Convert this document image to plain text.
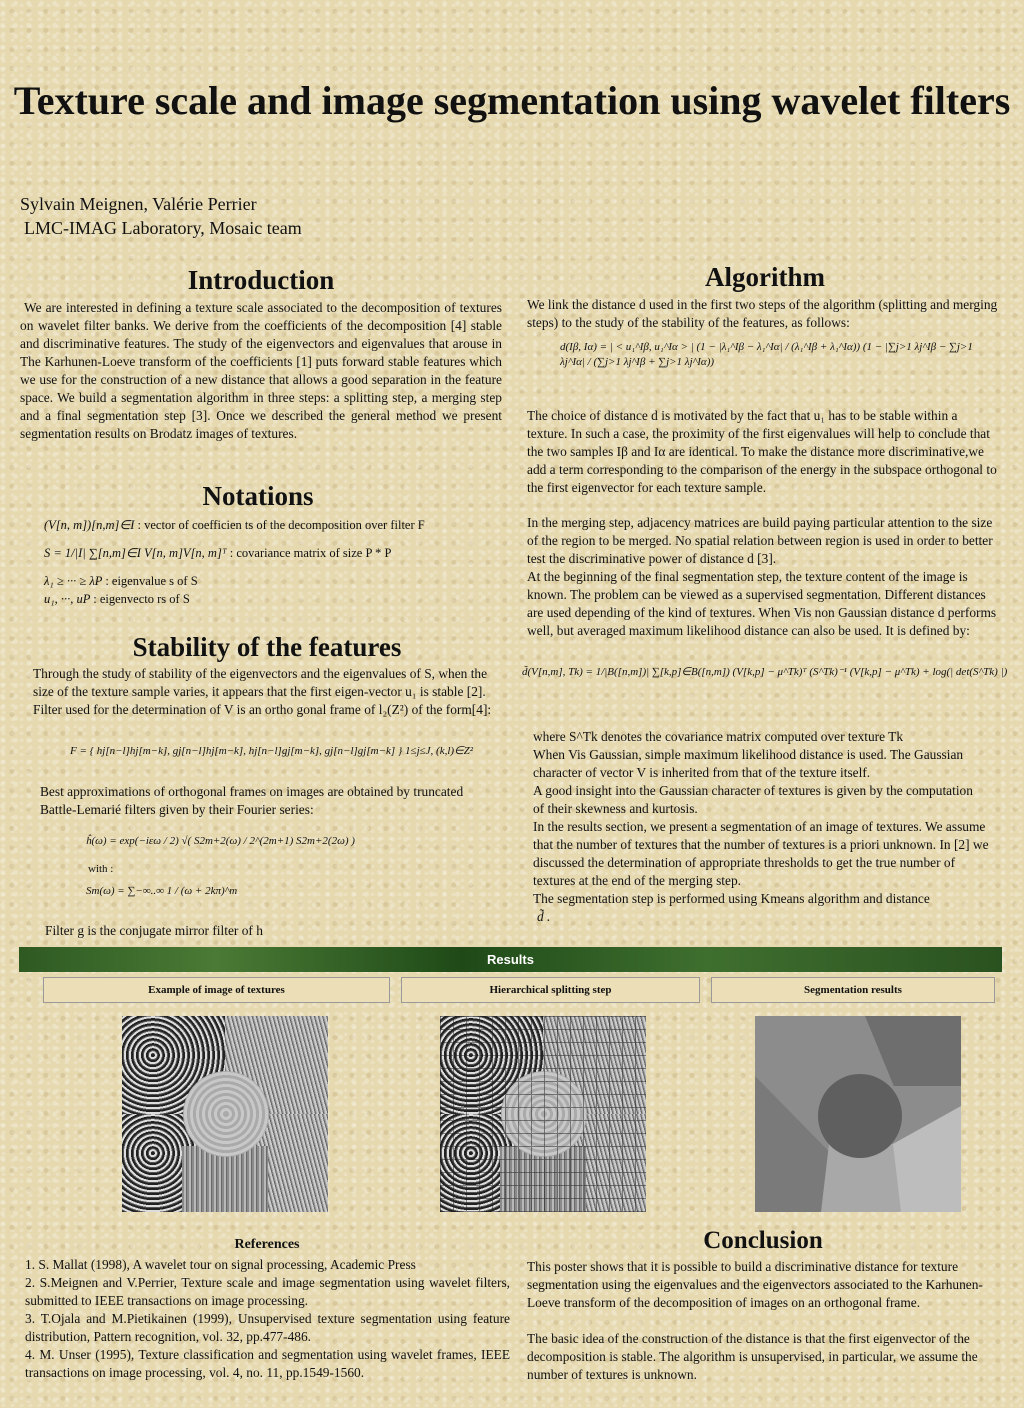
Texture scale and image segmentation using wavelet filters
Sylvain Meignen, Valérie Perrier
LMC-IMAG Laboratory, Mosaic team
Introduction
We are interested in defining a texture scale associated to the decomposition of textures on wavelet filter banks. We derive from the coefficients of the decomposition [4] stable and discriminative features. The study of the eigenvectors and eigenvalues that arouse in The Karhunen-Loeve transform of the coefficients [1] puts forward stable features which we use for the construction of a new distance that allows a good separation in the feature space. We build a segmentation algorithm in three steps: a splitting step, a merging step and a final segmentation step [3]. Once we described the general method we present segmentation results on Brodatz images of textures.
Notations
(V[n, m])[n,m]∈I : vector of coefficien ts of the decomposition over filter F
S = 1/|I| ∑[n,m]∈I V[n, m]V[n, m]ᵀ : covariance matrix of size P * P
λ₁ ≥ ··· ≥ λP : eigenvalue s of S
u₁, ···, uP : eigenvecto rs of S
Stability of the features
Through the study of stability of the eigenvectors and the eigenvalues of S, when the size of the texture sample varies, it appears that the first eigen-vector u₁ is stable [2]. Filter used for the determination of V is an ortho gonal frame of l₂(Z²) of the form[4]:
F = { hj[n−l]hj[m−k], gj[n−l]hj[m−k], hj[n−l]gj[m−k], gj[n−l]gj[m−k] } 1≤j≤J, (k,l)∈Z²
Best approximations of orthogonal frames on images are obtained by truncated Battle-Lemarié filters given by their Fourier series:
ĥ(ω) = exp(−iεω / 2) √( S2m+2(ω) / 2^(2m+1) S2m+2(2ω) )
with :
Sm(ω) = ∑−∞..∞ 1 / (ω + 2kπ)^m
Filter g is the conjugate mirror filter of h
Algorithm
We link the distance d used in the first two steps of the algorithm (splitting and merging steps) to the study of the stability of the features, as follows:
d(Iβ, Iα) = | < u₁^Iβ, u₁^Iα > | (1 − |λ₁^Iβ − λ₁^Iα| / (λ₁^Iβ + λ₁^Iα)) (1 − |∑j>1 λj^Iβ − ∑j>1 λj^Iα| / (∑j>1 λj^Iβ + ∑j>1 λj^Iα))
The choice of distance d is motivated by the fact that u₁ has to be stable within a texture. In such a case, the proximity of the first eigenvalues will help to conclude that the two samples Iβ and Iα are identical. To make the distance more discriminative,we add a term corresponding to the comparison of the energy in the subspace orthogonal to the first eigenvector for each texture sample.
In the merging step, adjacency matrices are build paying particular attention to the size of the region to be merged. No spatial relation between region is used in order to better test the discriminative power of distance d [3].
At the beginning of the final segmentation step, the texture content of the image is known. The problem can be viewed as a supervised segmentation. Different distances are used depending of the kind of textures. When Vis non Gaussian distance d performs well, but averaged maximum likelihood distance can also be used. It is defined by:
d̃(V[n,m], Tk) = 1/|B([n,m])| ∑[k,p]∈B([n,m]) (V[k,p] − μ^Tk)ᵀ (S^Tk)⁻¹ (V[k,p] − μ^Tk) + log(| det(S^Tk) |)
where S^Tk denotes the covariance matrix computed over texture Tk
When Vis Gaussian, simple maximum likelihood distance is used. The Gaussian character of vector V is inherited from that of the texture itself.
A good insight into the Gaussian character of textures is given by the computation of their skewness and kurtosis.
In the results section, we present a segmentation of an image of textures. We assume that the number of textures that the number of textures is a priori unknown. In [2] we discussed the determination of appropriate thresholds to get the true number of textures at the end of the merging step.
The segmentation step is performed using Kmeans algorithm and distance
d̃ .
Results
Example of image of textures	Hierarchical splitting step	Segmentation results
References
1. S. Mallat (1998), A wavelet tour on signal processing, Academic Press
2. S.Meignen and V.Perrier, Texture scale and image segmentation using wavelet filters, submitted to IEEE transactions on image processing.
3. T.Ojala and M.Pietikainen (1999), Unsupervised texture segmentation using feature distribution, Pattern recognition, vol. 32, pp.477-486.
4. M. Unser (1995), Texture classification and segmentation using wavelet frames, IEEE transactions on image processing, vol. 4, no. 11, pp.1549-1560.
Conclusion
This poster shows that it is possible to build a discriminative distance for texture segmentation using the eigenvalues and the eigenvectors associated to the Karhunen-Loeve transform of the decomposition of images on an orthogonal frame.
The basic idea of the construction of the distance is that the first eigenvector of the decomposition is stable. The algorithm is unsupervised, in particular, we assume the number of textures is unknown.
